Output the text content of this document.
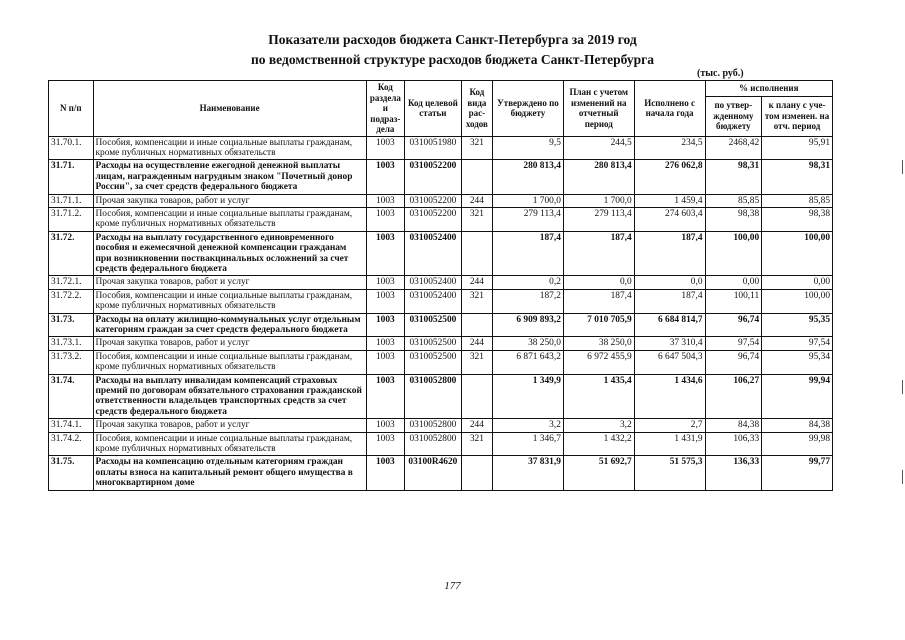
Показатели расходов бюджета Санкт-Петербурга за 2019 год
по ведомственной структуре расходов бюджета Санкт-Петербурга
(тыс. руб.)
N п/п	Наименование	Код раздела и подраз-дела	Код целевой статьи	Код вида рас-ходов	Утверждено по бюджету	План с учетом изменений на отчетный период	Исполнено с начала года	% исполнения	
								по утвер-жденному бюджету	к плану с уче-том изменен. на отч. период
31.70.1.	Пособия, компенсации и иные социальные выплаты гражданам, кроме публичных нормативных обязательств	1003	0310051980	321	9,5	244,5	234,5	2468,42	95,91
31.71.	Расходы на осуществление ежегодной денежной выплаты лицам, награжденным нагрудным знаком "Почетный донор России", за счет средств федерального бюджета	1003	0310052200		280 813,4	280 813,4	276 062,8	98,31	98,31
31.71.1.	Прочая закупка товаров, работ и услуг	1003	0310052200	244	1 700,0	1 700,0	1 459,4	85,85	85,85
31.71.2.	Пособия, компенсации и иные социальные выплаты гражданам, кроме публичных нормативных обязательств	1003	0310052200	321	279 113,4	279 113,4	274 603,4	98,38	98,38
31.72.	Расходы на выплату государственного единовременного пособия и ежемесячной денежной компенсации гражданам при возникновении поствакцинальных осложнений за счет средств федерального бюджета	1003	0310052400		187,4	187,4	187,4	100,00	100,00
31.72.1.	Прочая закупка товаров, работ и услуг	1003	0310052400	244	0,2	0,0	0,0	0,00	0,00
31.72.2.	Пособия, компенсации и иные социальные выплаты гражданам, кроме публичных нормативных обязательств	1003	0310052400	321	187,2	187,4	187,4	100,11	100,00
31.73.	Расходы на оплату жилищно-коммунальных услуг отдельным категориям граждан за счет средств федерального бюджета	1003	0310052500		6 909 893,2	7 010 705,9	6 684 814,7	96,74	95,35
31.73.1.	Прочая закупка товаров, работ и услуг	1003	0310052500	244	38 250,0	38 250,0	37 310,4	97,54	97,54
31.73.2.	Пособия, компенсации и иные социальные выплаты гражданам, кроме публичных нормативных обязательств	1003	0310052500	321	6 871 643,2	6 972 455,9	6 647 504,3	96,74	95,34
31.74.	Расходы на выплату инвалидам компенсаций страховых премий по договорам обязательного страхования гражданской ответственности владельцев транспортных средств за счет средств федерального бюджета	1003	0310052800		1 349,9	1 435,4	1 434,6	106,27	99,94
31.74.1.	Прочая закупка товаров, работ и услуг	1003	0310052800	244	3,2	3,2	2,7	84,38	84,38
31.74.2.	Пособия, компенсации и иные социальные выплаты гражданам, кроме публичных нормативных обязательств	1003	0310052800	321	1 346,7	1 432,2	1 431,9	106,33	99,98
31.75.	Расходы на компенсацию отдельным категориям граждан оплаты взноса на капитальный ремонт общего имущества в многоквартирном доме	1003	03100R4620		37 831,9	51 692,7	51 575,3	136,33	99,77
177
